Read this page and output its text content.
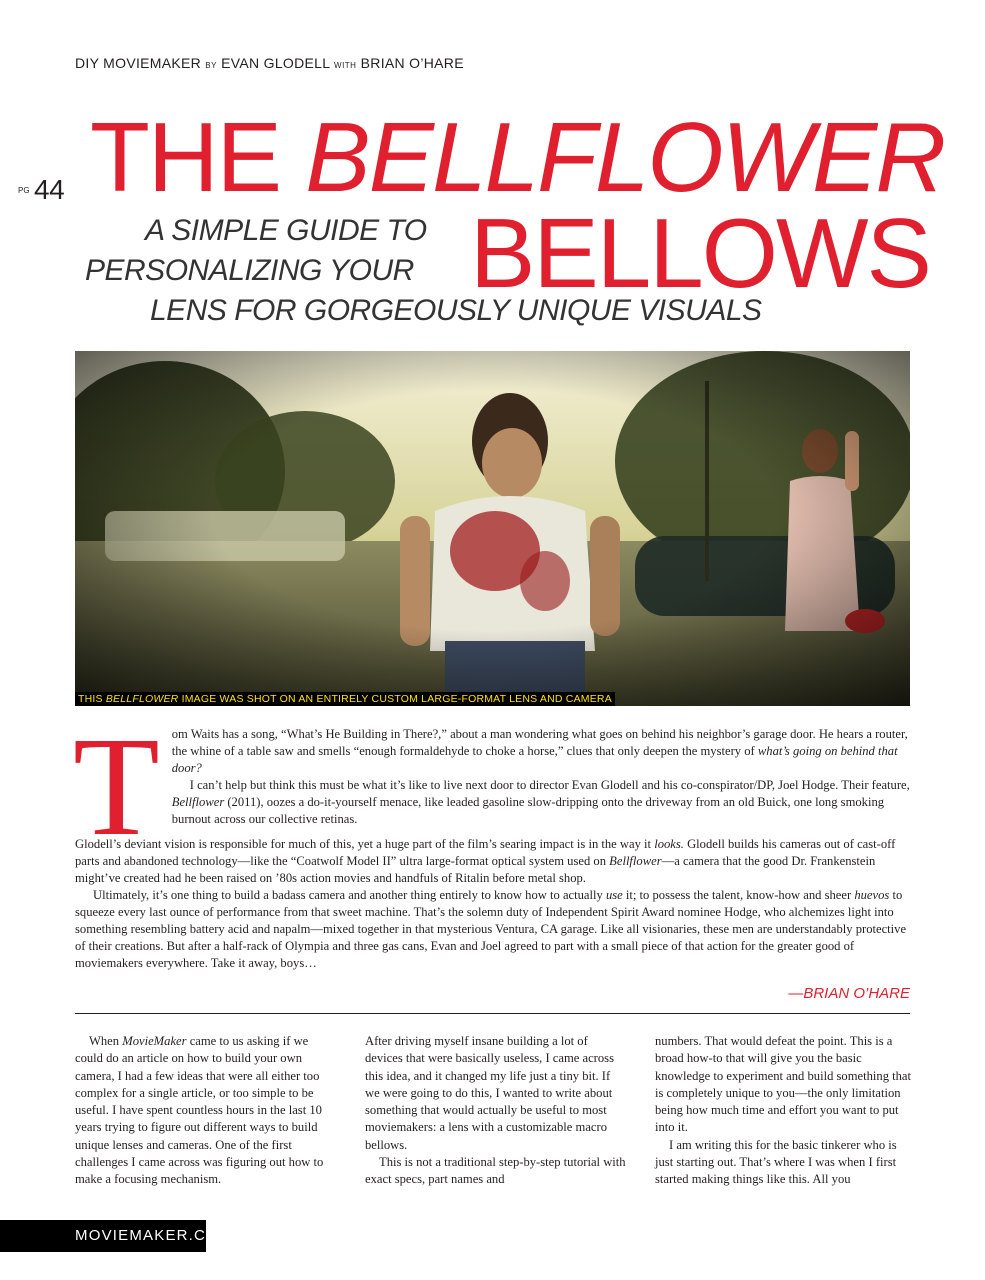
DIY MOVIEMAKER BY EVAN GLODELL WITH BRIAN O’HARE
$^{PG}$ 44 THE BELLFLOWER
BELLOWS
A SIMPLE GUIDE TO
PERSONALIZING YOUR
LENS FOR GORGEOUSLY UNIQUE VISUALS
THIS BELLFLOWER IMAGE WAS SHOT ON AN ENTIRELY CUSTOM LARGE-FORMAT LENS AND CAMERA
T om Waits has a song, “What’s He Building in There?,” about a man wondering what goes on behind his neighbor’s garage door. He hears a router, the whine of a table saw and smells “enough formaldehyde to choke a horse,” clues that only deepen the mystery of what’s going on behind that door?

I can’t help but think this must be what it’s like to live next door to director Evan Glodell and his co-conspirator/DP, Joel Hodge. Their feature, Bellflower (2011), oozes a do-it-yourself menace, like leaded gasoline slow-dripping onto the driveway from an old Buick, one long smoking burnout across our collective retinas.

Glodell’s deviant vision is responsible for much of this, yet a huge part of the film’s searing impact is in the way it looks. Glodell builds his cameras out of cast-off parts and abandoned technology—like the “Coatwolf Model II” ultra large-format optical system used on Bellflower—a camera that the good Dr. Frankenstein might’ve created had he been raised on ’80s action movies and handfuls of Ritalin before metal shop.

Ultimately, it’s one thing to build a badass camera and another thing entirely to know how to actually use it; to possess the talent, know-how and sheer huevos to squeeze every last ounce of performance from that sweet machine. That’s the solemn duty of Independent Spirit Award nominee Hodge, who alchemizes light into something resembling battery acid and napalm—mixed together in that mysterious Ventura, CA garage. Like all visionaries, these men are understandably protective of their creations. But after a half-rack of Olympia and three gas cans, Evan and Joel agreed to part with a small piece of that action for the greater good of moviemakers everywhere. Take it away, boys…

—BRIAN O’HARE

When MovieMaker came to us asking if we could do an article on how to build your own camera, I had a few ideas that were all either too complex for a single article, or too simple to be useful. I have spent countless hours in the last 10 years trying to figure out different ways to build unique lenses and cameras. One of the first challenges I came across was figuring out how to make a focusing mechanism.

After driving myself insane building a lot of devices that were basically useless, I came across this idea, and it changed my life just a tiny bit. If we were going to do this, I wanted to write about something that would actually be useful to most moviemakers: a lens with a customizable macro bellows.

This is not a traditional step-by-step tutorial with exact specs, part names and

numbers. That would defeat the point. This is a broad how-to that will give you the basic knowledge to experiment and build something that is completely unique to you—the only limitation being how much time and effort you want to put into it.

I am writing this for the basic tinkerer who is just starting out. That’s where I was when I first started making things like this. All you

MOVIEMAKER.COM
